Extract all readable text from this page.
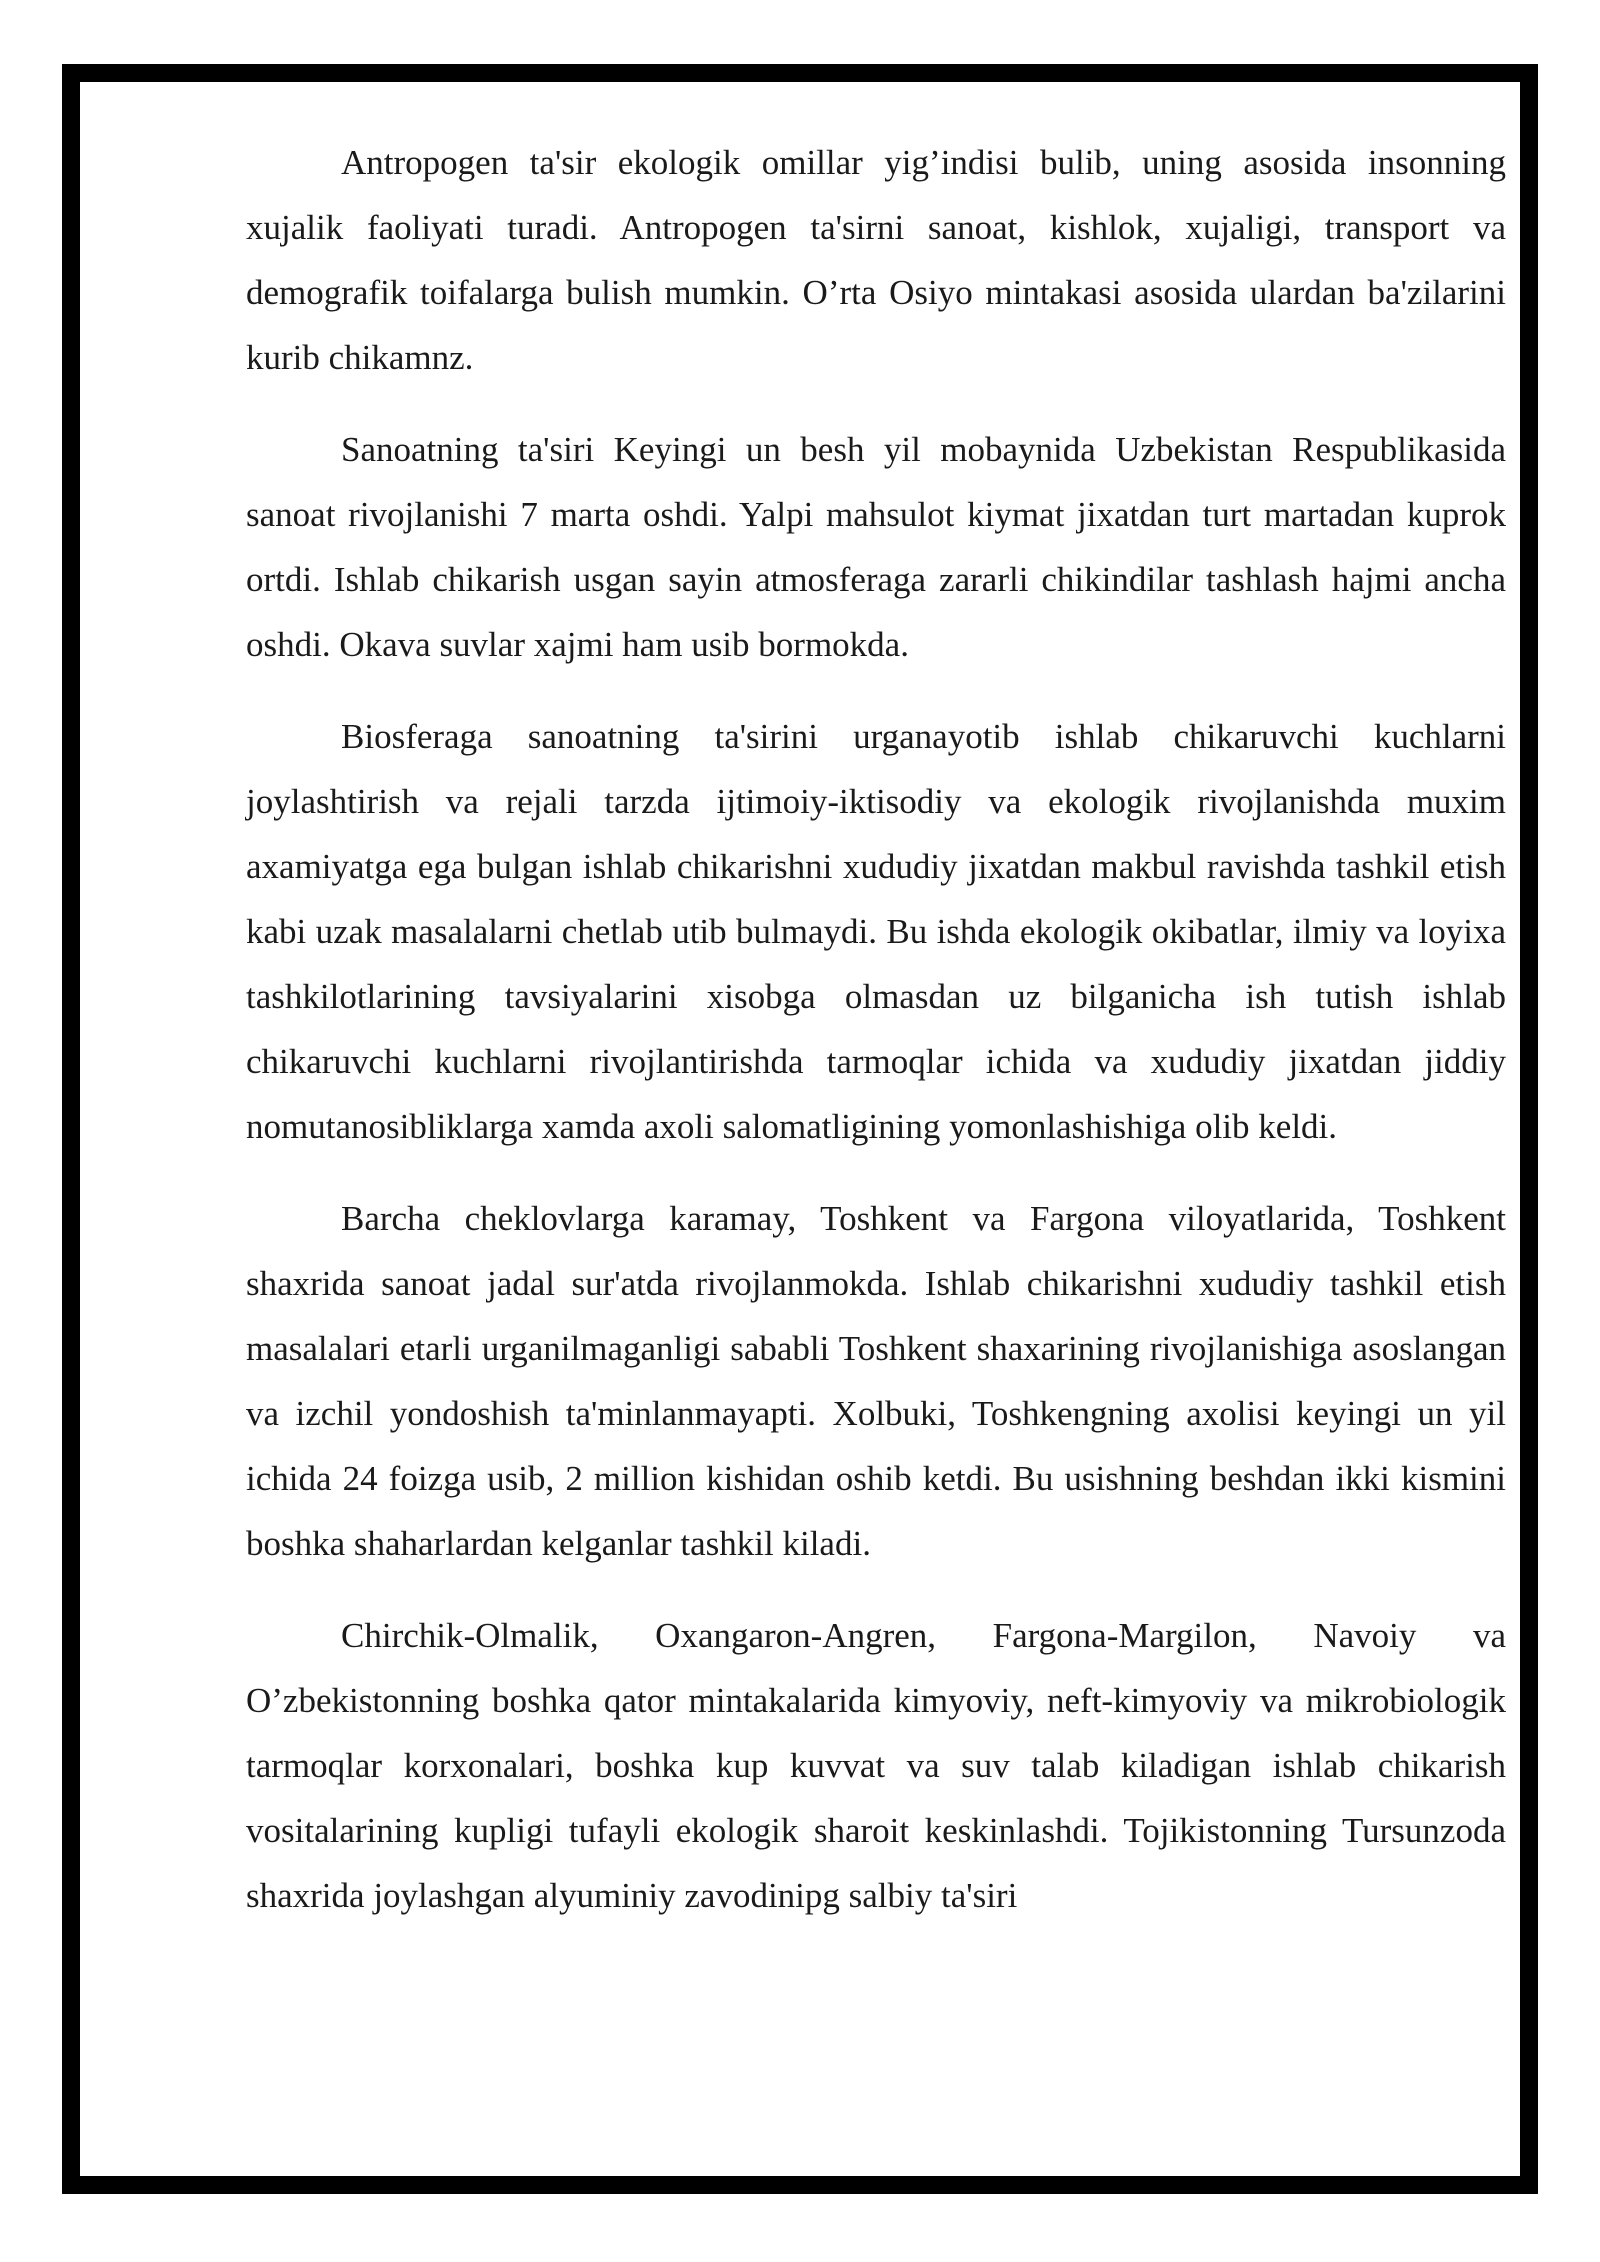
Antropogen ta'sir ekologik omillar yig’indisi bulib, uning asosida insonning xujalik faoliyati turadi. Antropogen ta'sirni sanoat, kishlok, xujaligi, transport va demografik toifalarga bulish mumkin. O’rta Osiyo mintakasi asosida ulardan ba'zilarini kurib chikamnz.

Sanoatning ta'siri Keyingi un besh yil mobaynida Uzbekistan Respublikasida sanoat rivojlanishi 7 marta oshdi. Yalpi mahsulot kiymat jixatdan turt martadan kuprok ortdi. Ishlab chikarish usgan sayin atmosferaga zararli chikindilar tashlash hajmi ancha oshdi. Okava suvlar xajmi ham usib bormokda.

Biosferaga sanoatning ta'sirini urganayotib ishlab chikaruvchi kuchlarni joylashtirish va rejali tarzda ijtimoiy-iktisodiy va ekologik rivojlanishda muxim axamiyatga ega bulgan ishlab chikarishni xududiy jixatdan makbul ravishda tashkil etish kabi uzak masalalarni chetlab utib bulmaydi. Bu ishda ekologik okibatlar, ilmiy va loyixa tashkilotlarining tavsiyalarini xisobga olmasdan uz bilganicha ish tutish ishlab chikaruvchi kuchlarni rivojlantirishda tarmoqlar ichida va xududiy jixatdan jiddiy nomutanosibliklarga xamda axoli salomatligining yomonlashishiga olib keldi.

Barcha cheklovlarga karamay, Toshkent va Fargona viloyatlarida, Toshkent shaxrida sanoat jadal sur'atda rivojlanmokda. Ishlab chikarishni xududiy tashkil etish masalalari etarli urganilmaganligi sababli Toshkent shaxarining rivojlanishiga asoslangan va izchil yondoshish ta'minlanmayapti. Xolbuki, Toshkengning axolisi keyingi un yil ichida 24 foizga usib, 2 million kishidan oshib ketdi. Bu usishning beshdan ikki kismini boshka shaharlardan kelganlar tashkil kiladi.

Chirchik-Olmalik, Oxangaron-Angren, Fargona-Margilon, Navoiy va O’zbekistonning boshka qator mintakalarida kimyoviy, neft-kimyoviy va mikrobiologik tarmoqlar korxonalari, boshka kup kuvvat va suv talab kiladigan ishlab chikarish vositalarining kupligi tufayli ekologik sharoit keskinlashdi. Tojikistonning Tursunzoda shaxrida joylashgan alyuminiy zavodinipg salbiy ta'siri
